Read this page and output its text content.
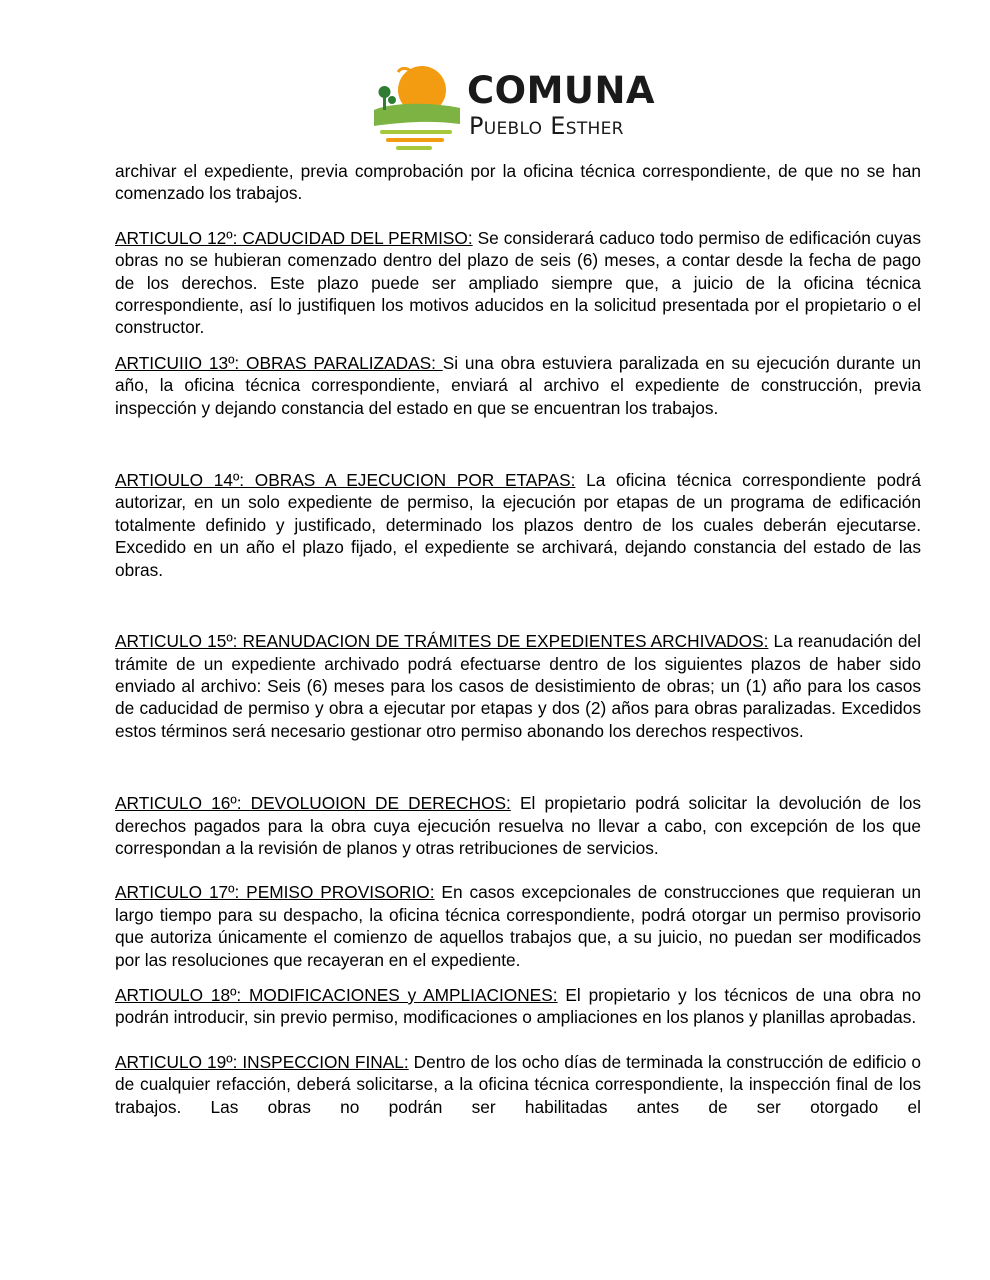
COMUNA
Pueblo Esther

archivar el expediente, previa comprobación por la oficina técnica correspondiente, de que no se han comenzado los trabajos.

ARTICULO 12º: CADUCIDAD DEL PERMISO: Se considerará caduco todo permiso de edificación cuyas obras no se hubieran comenzado dentro del plazo de seis (6) meses, a contar desde la fecha de pago de los derechos. Este plazo puede ser ampliado siempre que, a juicio de la oficina técnica correspondiente, así lo justifiquen los motivos aducidos en la solicitud presentada por el propietario o el constructor.

ARTICUIIO 13º: OBRAS PARALIZADAS: Si una obra estuviera paralizada en su ejecución durante un año, la oficina técnica correspondiente, enviará al archivo el expediente de construcción, previa inspección y dejando constancia del estado en que se encuentran los trabajos.

ARTIOULO 14º: OBRAS A EJECUCION POR ETAPAS: La oficina técnica correspondiente podrá autorizar, en un solo expediente de permiso, la ejecución por etapas de un programa de edificación totalmente definido y justificado, determinado los plazos dentro de los cuales deberán ejecutarse. Excedido en un año el plazo fijado, el expediente se archivará, dejando constancia del estado de las obras.

ARTICULO 15º: REANUDACION DE TRÁMITES DE EXPEDIENTES ARCHIVADOS: La reanudación del trámite de un expediente archivado podrá efectuarse dentro de los siguientes plazos de haber sido enviado al archivo: Seis (6) meses para los casos de desistimiento de obras; un (1) año para los casos de caducidad de permiso y obra a ejecutar por etapas y dos (2) años para obras paralizadas. Excedidos estos términos será necesario gestionar otro permiso abonando los derechos respectivos.

ARTICULO 16º: DEVOLUOION DE DERECHOS: El propietario podrá solicitar la devolución de los derechos pagados para la obra cuya ejecución resuelva no llevar a cabo, con excepción de los que correspondan a la revisión de planos y otras retribuciones de servicios.

ARTICULO 17º: PEMISO PROVISORIO: En casos excepcionales de construcciones que requieran un largo tiempo para su despacho, la oficina técnica correspondiente, podrá otorgar un permiso provisorio que autoriza únicamente el comienzo de aquellos trabajos que, a su juicio, no puedan ser modificados por las resoluciones que recayeran en el expediente.

ARTIOULO 18º: MODIFICACIONES y AMPLIACIONES: El propietario y los técnicos de una obra no podrán introducir, sin previo permiso, modificaciones o ampliaciones en los planos y planillas aprobadas.

ARTICULO 19º: INSPECCION FINAL: Dentro de los ocho días de terminada la construcción de edificio o de cualquier refacción, deberá solicitarse, a la oficina técnica correspondiente, la inspección final de los trabajos. Las obras no podrán ser habilitadas antes de ser otorgado el
